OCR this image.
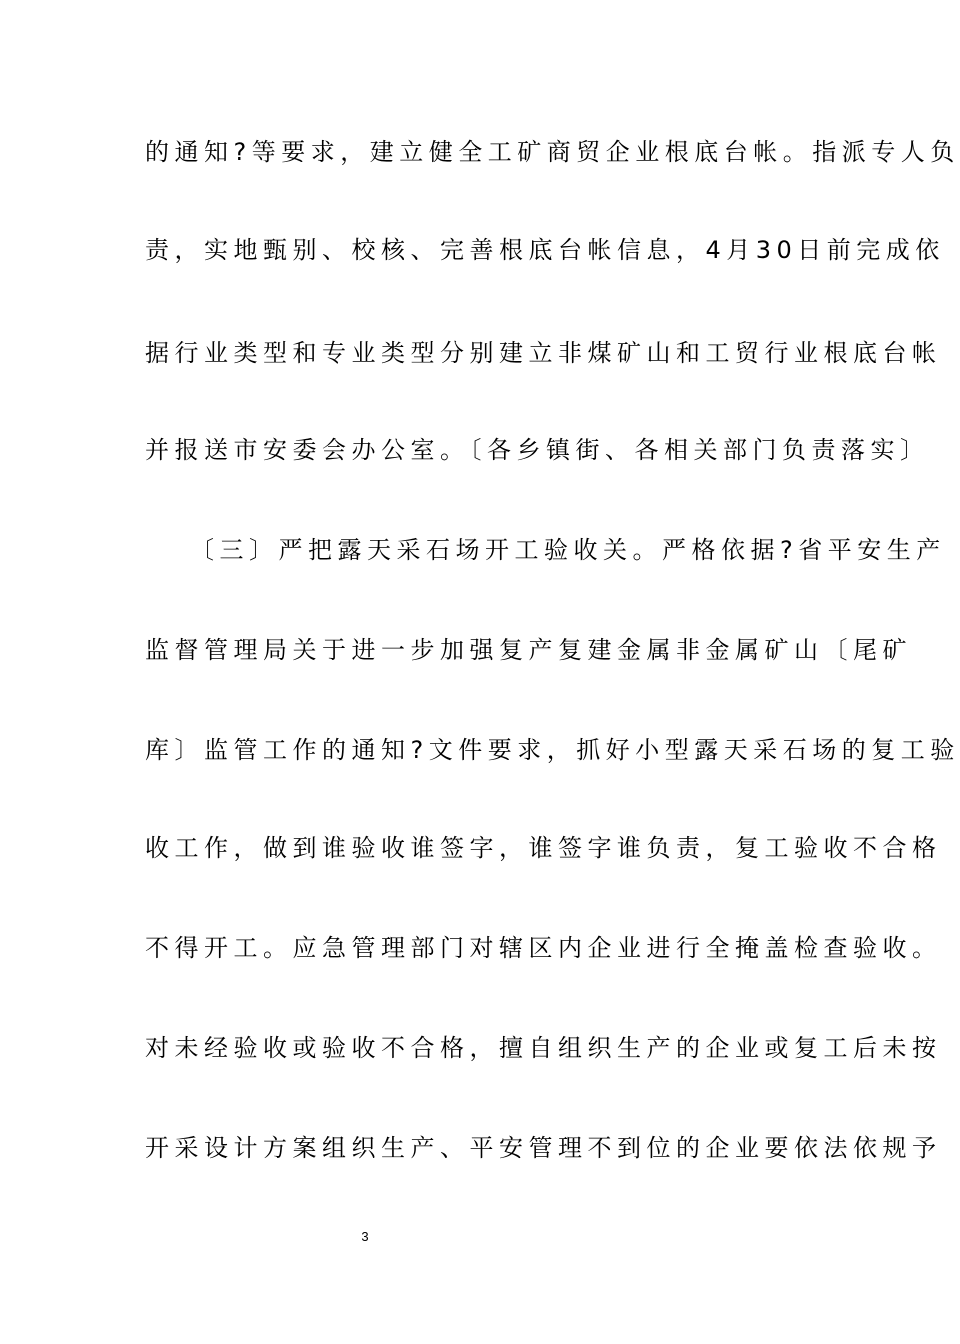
的通知?等要求，建立健全工矿商贸企业根底台帐。指派专人负
责，实地甄别、校核、完善根底台帐信息，4月30日前完成依
据行业类型和专业类型分别建立非煤矿山和工贸行业根底台帐
并报送市安委会办公室。〔各乡镇街、各相关部门负责落实〕
〔三〕严把露天采石场开工验收关。严格依据?省平安生产
监督管理局关于进一步加强复产复建金属非金属矿山〔尾矿
库〕监管工作的通知?文件要求，抓好小型露天采石场的复工验
收工作，做到谁验收谁签字，谁签字谁负责，复工验收不合格
不得开工。应急管理部门对辖区内企业进行全掩盖检查验收。
对未经验收或验收不合格，擅自组织生产的企业或复工后未按
开采设计方案组织生产、平安管理不到位的企业要依法依规予
3
